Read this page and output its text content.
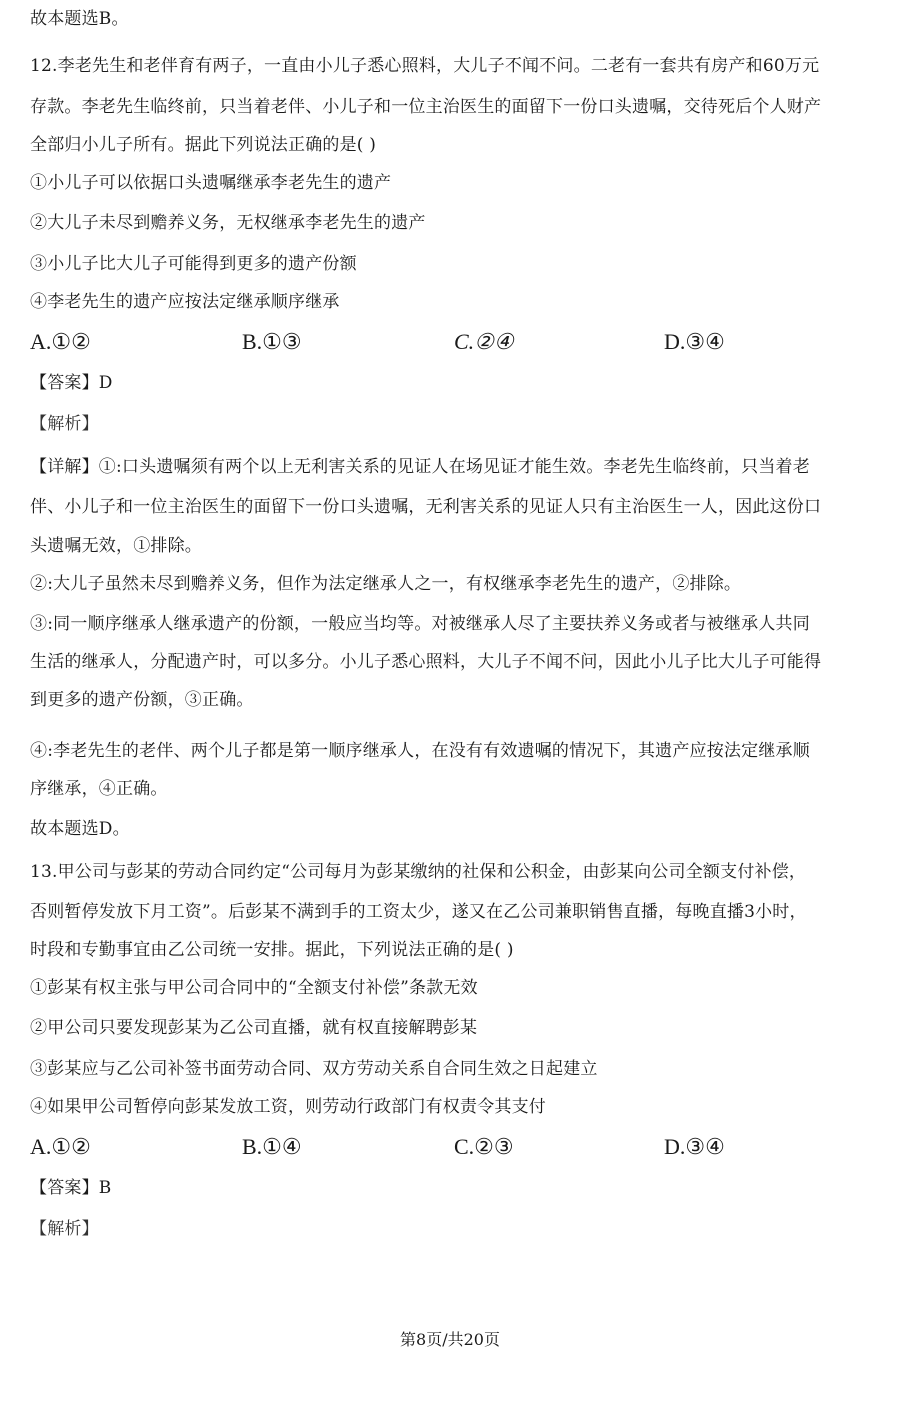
故本题选B。
12.李老先生和老伴育有两子，一直由小儿子悉心照料，大儿子不闻不问。二老有一套共有房产和60万元
存款。李老先生临终前，只当着老伴、小儿子和一位主治医生的面留下一份口头遗嘱，交待死后个人财产
全部归小儿子所有。据此下列说法正确的是( )
①小儿子可以依据口头遗嘱继承李老先生的遗产
②大儿子未尽到赡养义务，无权继承李老先生的遗产
③小儿子比大儿子可能得到更多的遗产份额
④李老先生的遗产应按法定继承顺序继承
A.①②	B.①③	C.②④	D.③④
【答案】D
【解析】
【详解】①:口头遗嘱须有两个以上无利害关系的见证人在场见证才能生效。李老先生临终前，只当着老
伴、小儿子和一位主治医生的面留下一份口头遗嘱，无利害关系的见证人只有主治医生一人，因此这份口
头遗嘱无效，①排除。
②:大儿子虽然未尽到赡养义务，但作为法定继承人之一，有权继承李老先生的遗产，②排除。
③:同一顺序继承人继承遗产的份额，一般应当均等。对被继承人尽了主要扶养义务或者与被继承人共同
生活的继承人，分配遗产时，可以多分。小儿子悉心照料，大儿子不闻不问，因此小儿子比大儿子可能得
到更多的遗产份额，③正确。
④:李老先生的老伴、两个儿子都是第一顺序继承人，在没有有效遗嘱的情况下，其遗产应按法定继承顺
序继承，④正确。
故本题选D。
13.甲公司与彭某的劳动合同约定“公司每月为彭某缴纳的社保和公积金，由彭某向公司全额支付补偿，
否则暂停发放下月工资”。后彭某不满到手的工资太少，遂又在乙公司兼职销售直播，每晚直播3小时，
时段和专勤事宜由乙公司统一安排。据此，下列说法正确的是( )
①彭某有权主张与甲公司合同中的“全额支付补偿”条款无效
②甲公司只要发现彭某为乙公司直播，就有权直接解聘彭某
③彭某应与乙公司补签书面劳动合同、双方劳动关系自合同生效之日起建立
④如果甲公司暂停向彭某发放工资，则劳动行政部门有权责令其支付
A.①②	B.①④	C.②③	D.③④
【答案】B
【解析】
第8页/共20页
